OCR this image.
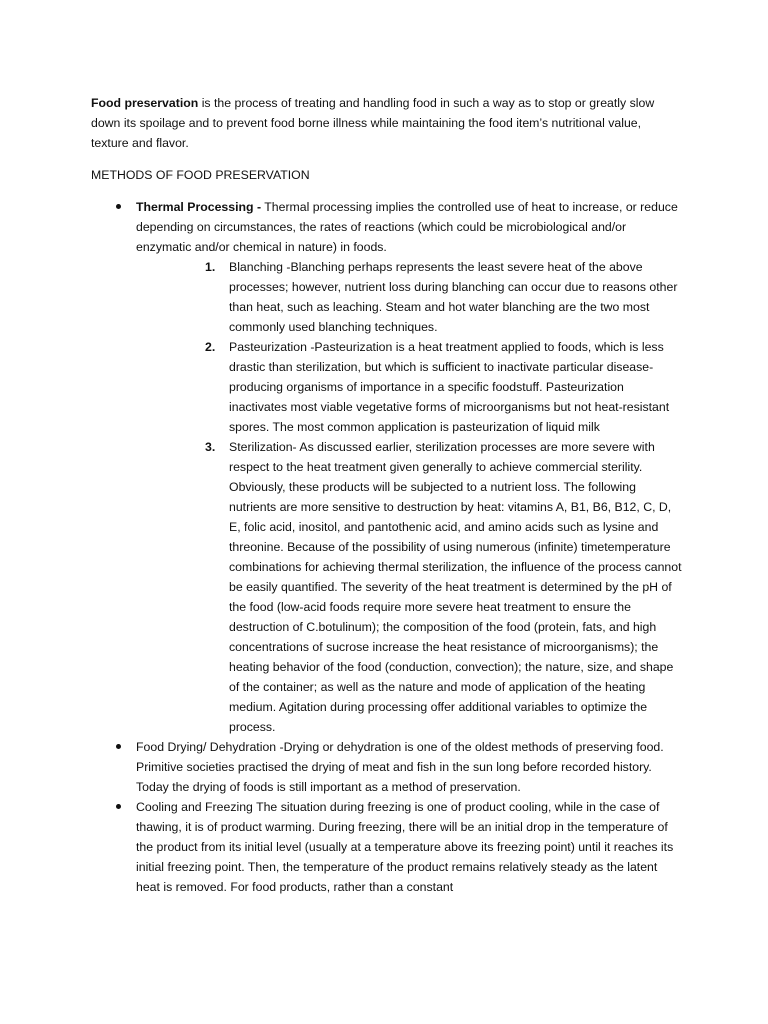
Food preservation is the process of treating and handling food in such a way as to stop or greatly slow down its spoilage and to prevent food borne illness while maintaining the food item’s nutritional value, texture and flavor.

METHODS OF FOOD PRESERVATION

Thermal Processing - Thermal processing implies the controlled use of heat to increase, or reduce depending on circumstances, the rates of reactions (which could be microbiological and/or enzymatic and/or chemical in nature) in foods.
1. Blanching -Blanching perhaps represents the least severe heat of the above processes; however, nutrient loss during blanching can occur due to reasons other than heat, such as leaching. Steam and hot water blanching are the two most commonly used blanching techniques.
2. Pasteurization -Pasteurization is a heat treatment applied to foods, which is less drastic than sterilization, but which is sufficient to inactivate particular disease-producing organisms of importance in a specific foodstuff. Pasteurization inactivates most viable vegetative forms of microorganisms but not heat-resistant spores. The most common application is pasteurization of liquid milk
3. Sterilization- As discussed earlier, sterilization processes are more severe with respect to the heat treatment given generally to achieve commercial sterility. Obviously, these products will be subjected to a nutrient loss. The following nutrients are more sensitive to destruction by heat: vitamins A, B1, B6, B12, C, D, E, folic acid, inositol, and pantothenic acid, and amino acids such as lysine and threonine. Because of the possibility of using numerous (infinite) timetemperature combinations for achieving thermal sterilization, the influence of the process cannot be easily quantified. The severity of the heat treatment is determined by the pH of the food (low-acid foods require more severe heat treatment to ensure the destruction of C.botulinum); the composition of the food (protein, fats, and high concentrations of sucrose increase the heat resistance of microorganisms); the heating behavior of the food (conduction, convection); the nature, size, and shape of the container; as well as the nature and mode of application of the heating medium. Agitation during processing offer additional variables to optimize the process.
Food Drying/ Dehydration -Drying or dehydration is one of the oldest methods of preserving food. Primitive societies practised the drying of meat and fish in the sun long before recorded history. Today the drying of foods is still important as a method of preservation.
Cooling and Freezing The situation during freezing is one of product cooling, while in the case of thawing, it is of product warming. During freezing, there will be an initial drop in the temperature of the product from its initial level (usually at a temperature above its freezing point) until it reaches its initial freezing point. Then, the temperature of the product remains relatively steady as the latent heat is removed. For food products, rather than a constant
